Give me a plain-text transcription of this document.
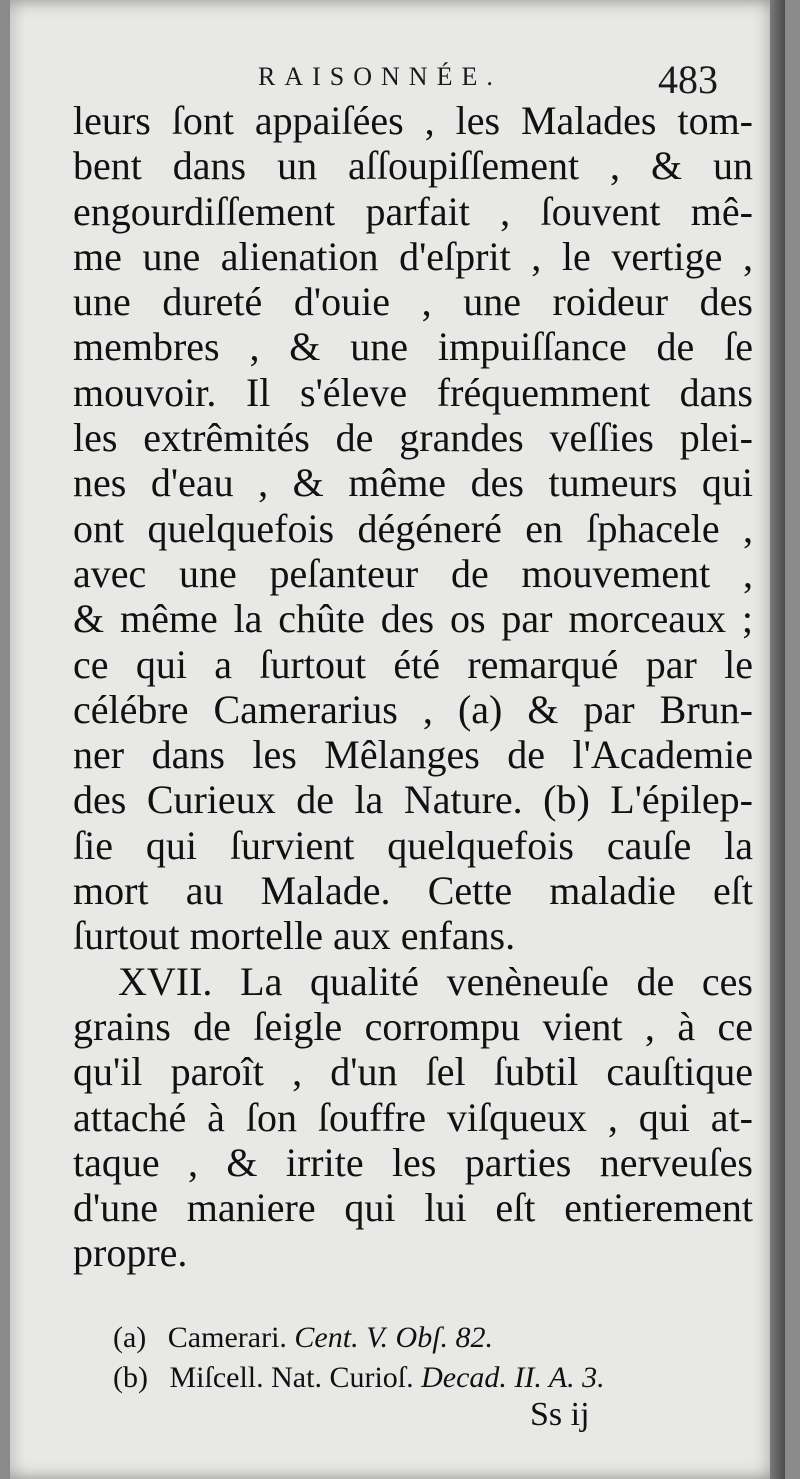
RAISONNÉE.	483
leurs ſont appaiſées , les Malades tom-
bent dans un aſſoupiſſement , & un
engourdiſſement parfait , ſouvent mê-
me une alienation d'eſprit , le vertige ,
une dureté d'ouie , une roideur des
membres , & une impuiſſance de ſe
mouvoir. Il s'éleve fréquemment dans
les extrêmités de grandes veſſies plei-
nes d'eau , & même des tumeurs qui
ont quelquefois dégéneré en ſphacele ,
avec une peſanteur de mouvement ,
& même la chûte des os par morceaux ;
ce qui a ſurtout été remarqué par le
célébre Camerarius , (a) & par Brun-
ner dans les Mêlanges de l'Academie
des Curieux de la Nature. (b) L'épilep-
ſie qui ſurvient quelquefois cauſe la
mort au Malade. Cette maladie eſt
ſurtout mortelle aux enfans.
XVII. La qualité venèneuſe de ces
grains de ſeigle corrompu vient , à ce
qu'il paroît , d'un ſel ſubtil cauſtique
attaché à ſon ſouffre viſqueux , qui at-
taque , & irrite les parties nerveuſes
d'une maniere qui lui eſt entierement
propre.
(a) Camerari. Cent. V. Obſ. 82.
(b) Miſcell. Nat. Curioſ. Decad. II. A. 3.
Ss ij
